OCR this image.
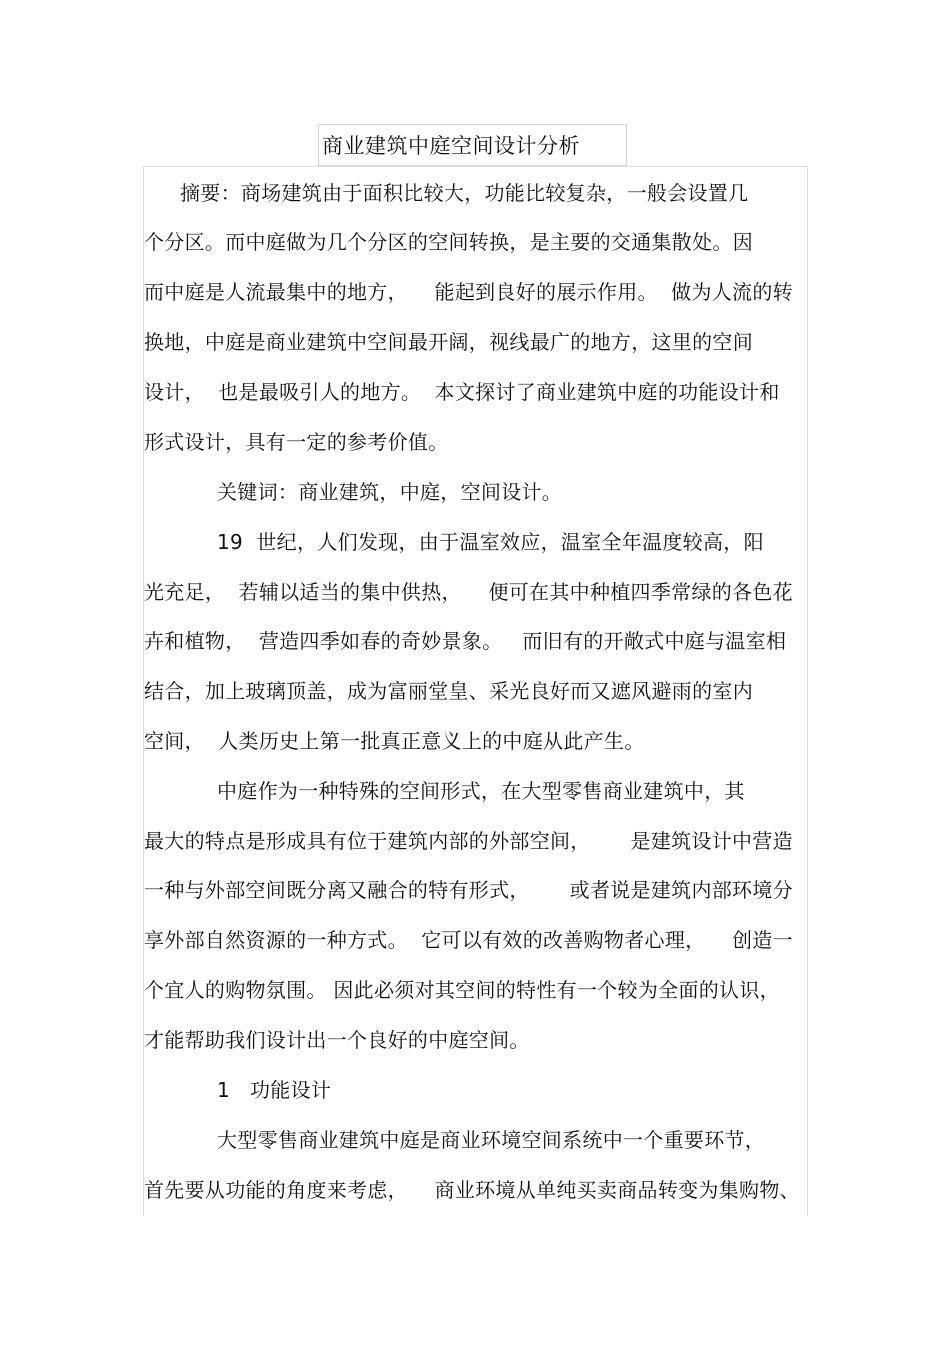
商业建筑中庭空间设计分析
摘要：商场建筑由于面积比较大，功能比较复杂，一般会设置几
个分区。而中庭做为几个分区的空间转换，是主要的交通集散处。因
而中庭是人流最集中的地方，    能起到良好的展示作用。  做为人流的转
换地，中庭是商业建筑中空间最开阔，视线最广的地方，这里的空间
设计，  也是最吸引人的地方。  本文探讨了商业建筑中庭的功能设计和
形式设计，具有一定的参考价值。
关键词：商业建筑，中庭，空间设计。
19  世纪，人们发现，由于温室效应，温室全年温度较高，阳
光充足，  若辅以适当的集中供热，    便可在其中种植四季常绿的各色花
卉和植物，  营造四季如春的奇妙景象。   而旧有的开敞式中庭与温室相
结合，加上玻璃顶盖，成为富丽堂皇、采光良好而又遮风避雨的室内
空间，  人类历史上第一批真正意义上的中庭从此产生。
中庭作为一种特殊的空间形式，在大型零售商业建筑中，其
最大的特点是形成具有位于建筑内部的外部空间，      是建筑设计中营造
一种与外部空间既分离又融合的特有形式，      或者说是建筑内部环境分
享外部自然资源的一种方式。  它可以有效的改善购物者心理，    创造一
个宜人的购物氛围。 因此必须对其空间的特性有一个较为全面的认识，
才能帮助我们设计出一个良好的中庭空间。
1   功能设计
大型零售商业建筑中庭是商业环境空间系统中一个重要环节，
首先要从功能的角度来考虑，    商业环境从单纯买卖商品转变为集购物、
